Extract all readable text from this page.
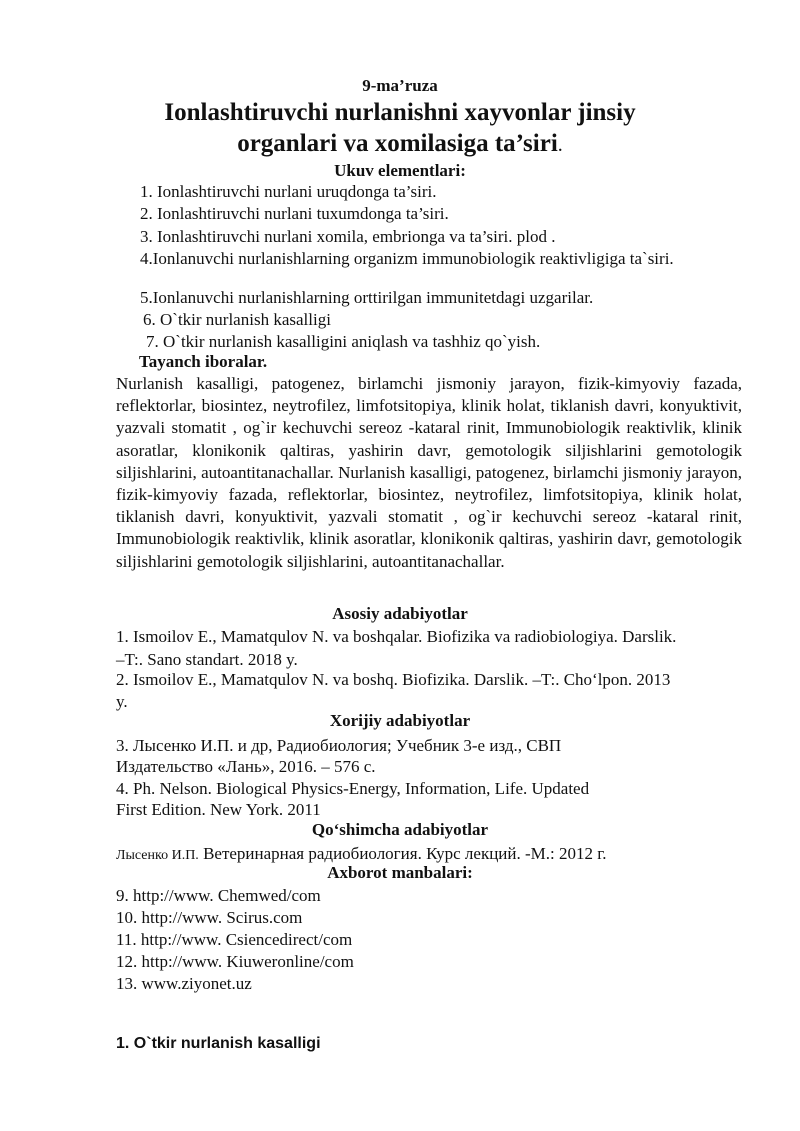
9-ma’ruza
Ionlashtiruvchi nurlanishni xayvonlar jinsiy
organlari va xomilasiga ta’siri.
Ukuv elementlari:
1. Ionlashtiruvchi nurlani uruqdonga ta’siri.
2. Ionlashtiruvchi nurlani tuxumdonga ta’siri.
3. Ionlashtiruvchi nurlani xomila, embrionga va ta’siri. plod .
4.Ionlanuvchi nurlanishlarning organizm immunobiologik reaktivligiga ta`siri.
5.Ionlanuvchi nurlanishlarning orttirilgan immunitetdagi uzgarilar.
6. O`tkir nurlanish kasalligi
7. O`tkir nurlanish kasalligini aniqlash va tashhiz qo`yish.
Tayanch iboralar.
Nurlanish kasalligi, patogenez, birlamchi jismoniy jarayon, fizik-kimyoviy fazada, reflektorlar, biosintez, neytrofilez, limfotsitopiya, klinik holat, tiklanish davri, konyuktivit, yazvali stomatit , og`ir kechuvchi sereoz -kataral rinit, Immunobiologik reaktivlik, klinik asoratlar, klonikonik qaltiras, yashirin davr, gemotologik siljishlarini gemotologik siljishlarini, autoantitanachallar. Nurlanish kasalligi, patogenez, birlamchi jismoniy jarayon, fizik-kimyoviy fazada, reflektorlar, biosintez, neytrofilez, limfotsitopiya, klinik holat, tiklanish davri, konyuktivit, yazvali stomatit , og`ir kechuvchi sereoz -kataral rinit, Immunobiologik reaktivlik, klinik asoratlar, klonikonik qaltiras, yashirin davr, gemotologik siljishlarini gemotologik siljishlarini, autoantitanachallar.
Asosiy adabiyotlar
1. Ismoilov E., Mamatqulov N. va boshqalar. Biofizika va radiobiologiya. Darslik.
–T:. Sano standart. 2018 y.
2. Ismoilov E., Mamatqulov N. va boshq. Biofizika. Darslik. –T:. Cho‘lpon. 2013
y.
Xorijiy adabiyotlar
3. Лысенко И.П. и др, Радиобиология; Учебник 3-е изд., СВП
Издательство «Лань», 2016. – 576 с.
4. Ph. Nelson. Biological Physics-Energy, Information, Life. Updated
First Edition. New York. 2011
Qo‘shimcha adabiyotlar
Лысенко И.П. Ветеринарная радиобиология. Курс лекций. -М.: 2012 г.
Axborot manbalari:
9. http://www. Chemwed/com
10. http://www. Scirus.com
11. http://www. Csiencedirect/com
12. http://www. Kiuweronline/com
13. www.ziyonet.uz
1. O`tkir nurlanish kasalligi
